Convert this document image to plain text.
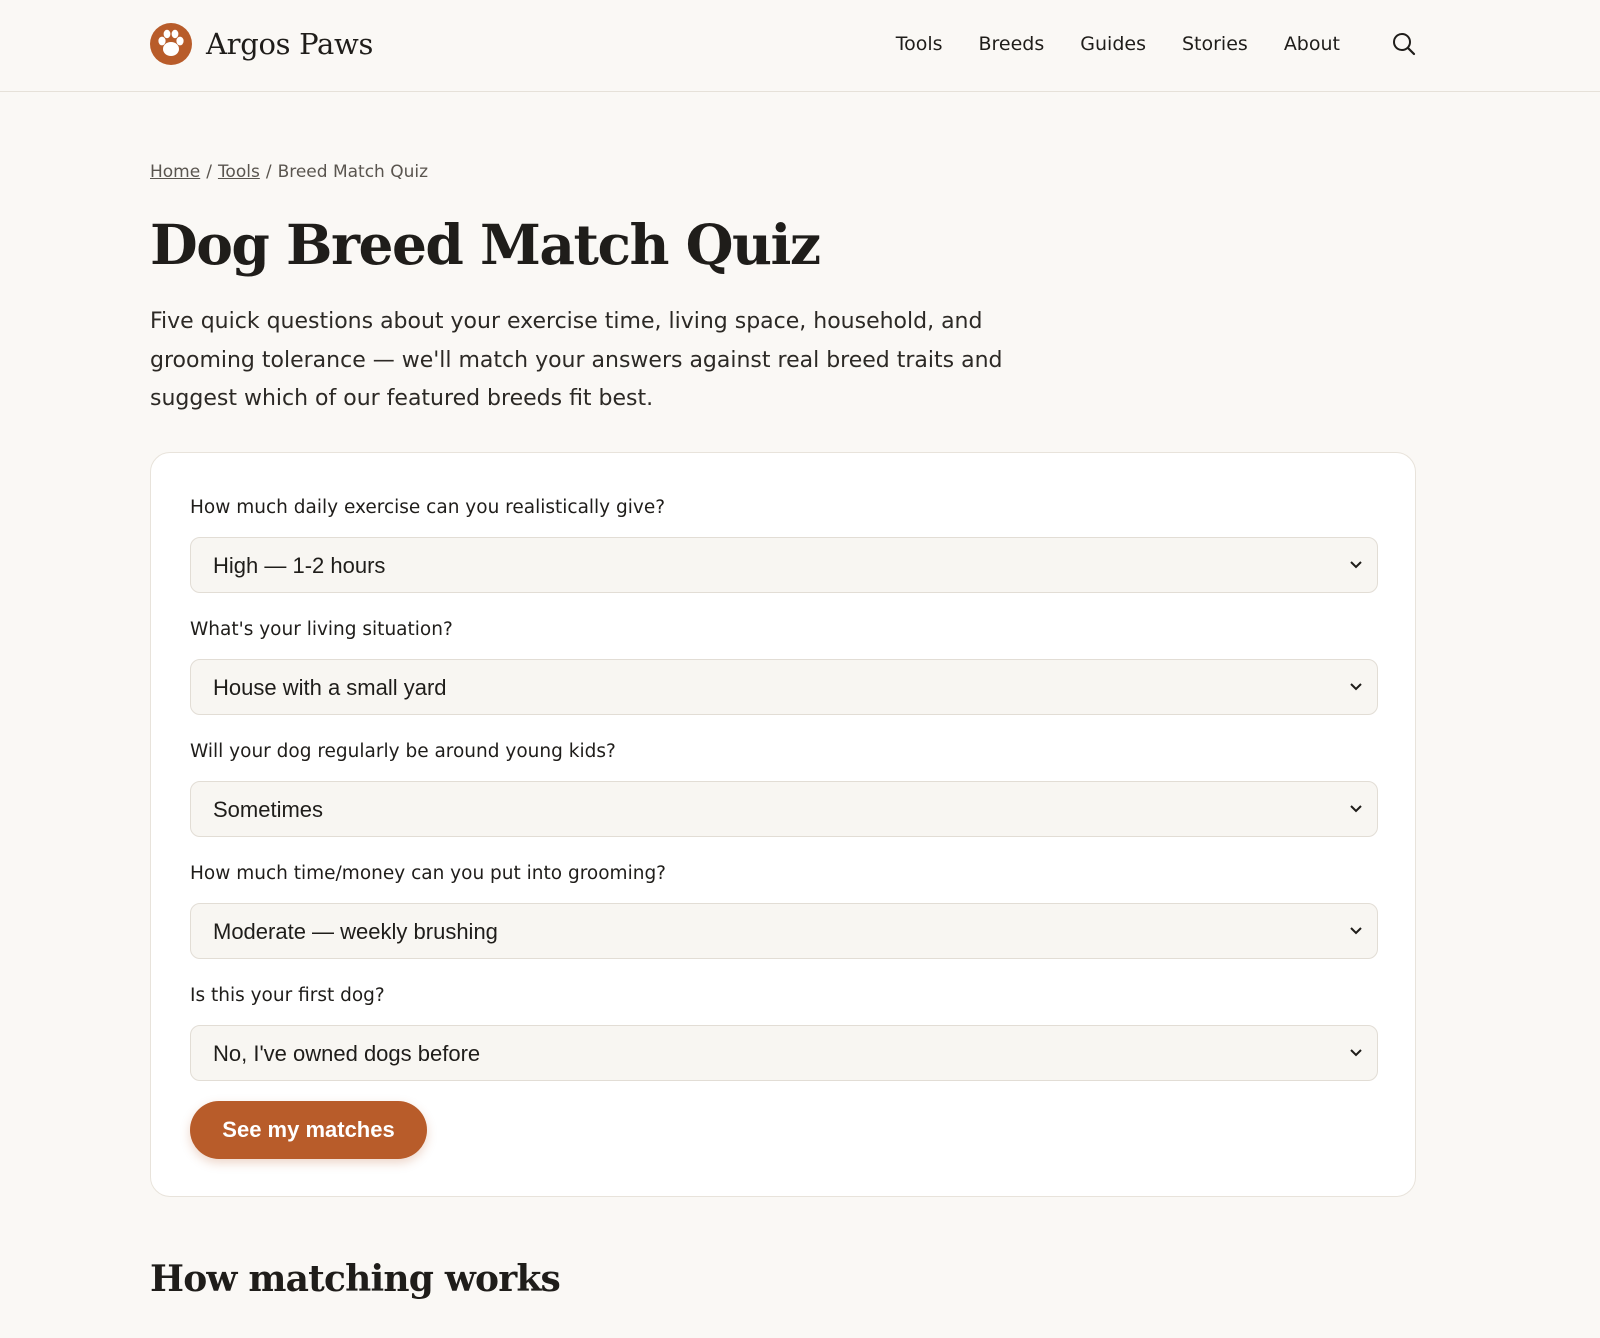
Argos Paws	Tools Breeds Guides Stories About
Home / Tools / Breed Match Quiz
Dog Breed Match Quiz

Five quick questions about your exercise time, living space, household, and grooming tolerance — we'll match your answers against real breed traits and suggest which of our featured breeds fit best.

How much daily exercise can you realistically give?
High — 1-2 hours
What's your living situation?
House with a small yard
Will your dog regularly be around young kids?
Sometimes
How much time/money can you put into grooming?
Moderate — weekly brushing
Is this your first dog?
No, I've owned dogs before
See my matches
How matching works
